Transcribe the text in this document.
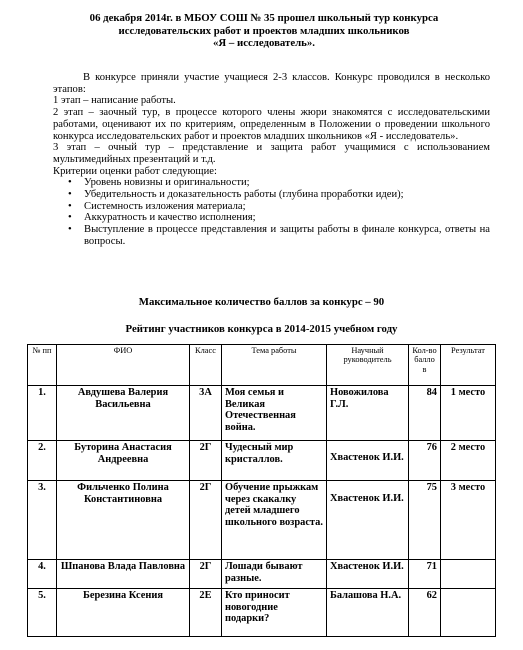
06 декабря 2014г. в МБОУ СОШ № 35 прошел школьный тур конкурса
исследовательских работ и проектов младших школьников
«Я – исследователь».

В конкурсе приняли участие учащиеся 2-3 классов. Конкурс проводился в несколько этапов:

1 этап – написание работы.

2 этап – заочный тур, в процессе которого члены жюри знакомятся с исследовательскими работами, оценивают их по критериям, определенным в Положении о проведении школьного конкурса исследовательских работ и проектов младших школьников «Я - исследователь».

3 этап – очный тур – представление и защита работ учащимися с использованием мультимедийных презентаций и т.д.

Критерии оценки работ следующие:

• Уровень новизны и оригинальности;
• Убедительность и доказательность работы (глубина проработки идеи);
• Системность изложения материала;
• Аккуратность и качество исполнения;
• Выступление в процессе представления и защиты работы в финале конкурса, ответы на вопросы.
Максимальное количество баллов за конкурс – 90
Рейтинг участников конкурса в 2014-2015 учебном году
№ пп	ФИО	Класс	Тема работы	Научный руководитель	Кол-во балло в	Результат
1.	Авдушева Валерия Васильевна	3А	Моя семья и Великая Отечественная война.	Новожилова Г.Л.	84	1 место
2.	Буторина Анастасия Андреевна	2Г	Чудесный мир кристаллов.	Хвастенок И.И.	76	2 место
3.	Фильченко Полина Константиновна	2Г	Обучение прыжкам через скакалку детей младшего школьного возраста.	Хвастенок И.И.	75	3 место
4.	Шпанова Влада Павловна	2Г	Лошади бывают разные.	Хвастенок И.И.	71	
5.	Березина Ксения	2Е	Кто приносит новогодние подарки?	Балашова Н.А.	62	
